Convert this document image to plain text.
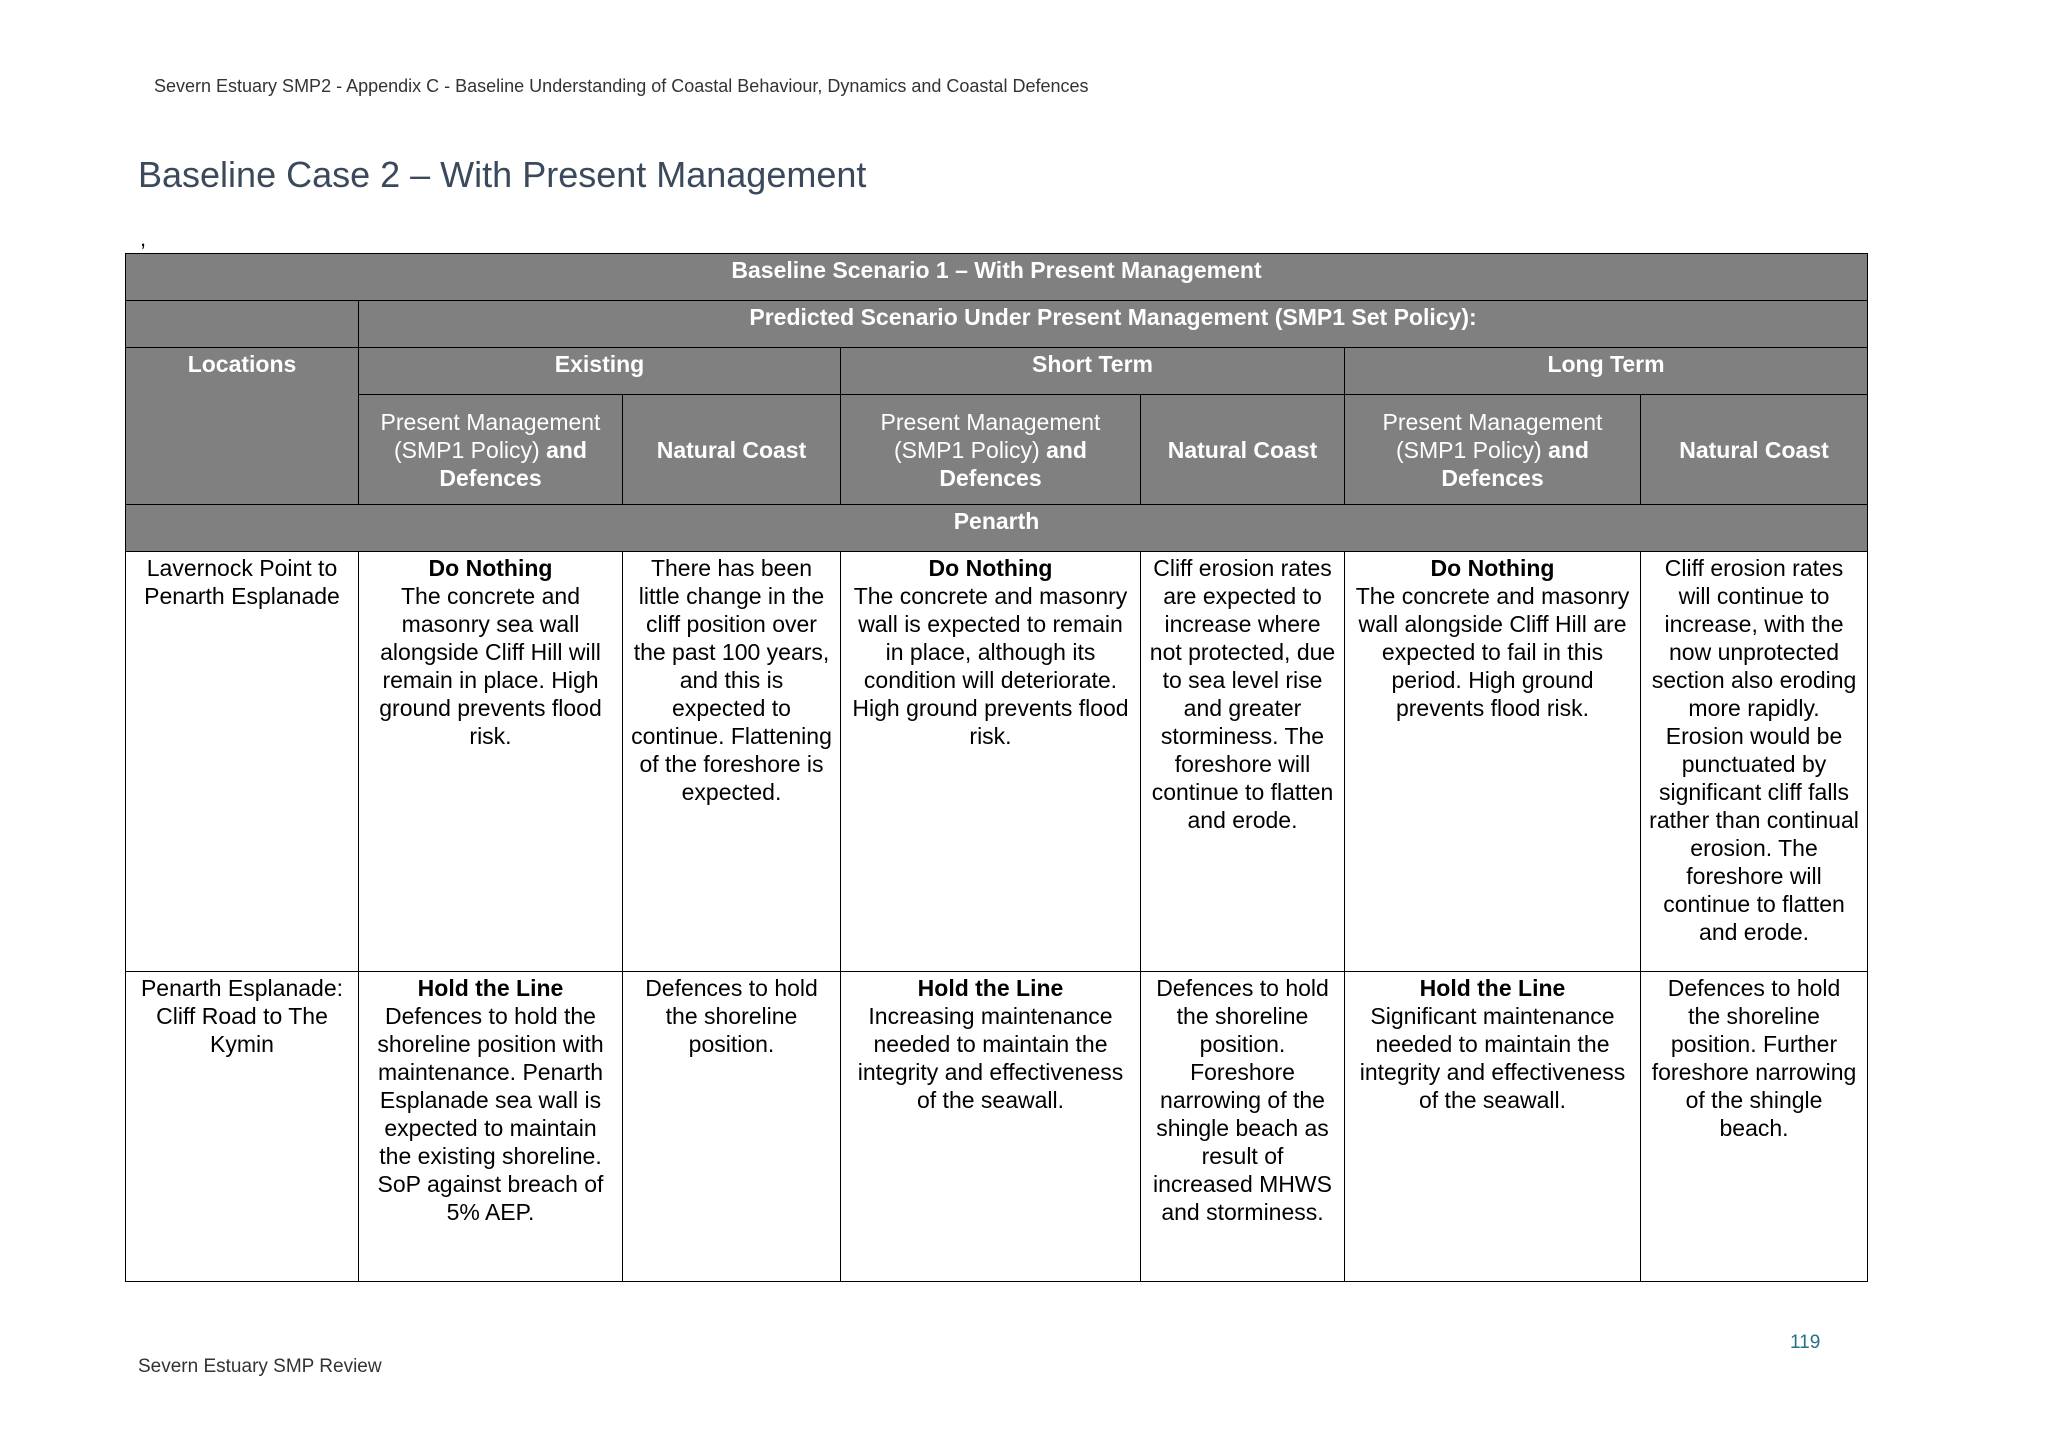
Severn Estuary SMP2 - Appendix C - Baseline Understanding of Coastal Behaviour, Dynamics and Coastal Defences
Baseline Case 2 – With Present Management
,
Baseline Scenario 1 – With Present Management						
	Predicted Scenario Under Present Management (SMP1 Set Policy):					
Locations	Existing		Short Term		Long Term	
	Present Management (SMP1 Policy) and Defences	Natural Coast	Present Management (SMP1 Policy) and Defences	Natural Coast	Present Management (SMP1 Policy) and Defences	Natural Coast
Penarth						
Lavernock Point to Penarth Esplanade	Do Nothing
The concrete and masonry sea wall alongside Cliff Hill will remain in place. High ground prevents flood risk.	There has been little change in the cliff position over the past 100 years, and this is expected to continue. Flattening of the foreshore is expected.	Do Nothing
The concrete and masonry wall is expected to remain in place, although its condition will deteriorate. High ground prevents flood risk.	Cliff erosion rates are expected to increase where not protected, due to sea level rise and greater storminess. The foreshore will continue to flatten and erode.	Do Nothing
The concrete and masonry wall alongside Cliff Hill are expected to fail in this period. High ground prevents flood risk.	Cliff erosion rates will continue to increase, with the now unprotected section also eroding more rapidly. Erosion would be punctuated by significant cliff falls rather than continual erosion. The foreshore will continue to flatten and erode.
Penarth Esplanade: Cliff Road to The Kymin	Hold the Line
Defences to hold the shoreline position with maintenance. Penarth Esplanade sea wall is expected to maintain the existing shoreline. SoP against breach of 5% AEP.	Defences to hold the shoreline position.	Hold the Line
Increasing maintenance needed to maintain the integrity and effectiveness of the seawall.	Defences to hold the shoreline position. Foreshore narrowing of the shingle beach as result of increased MHWS and storminess.	Hold the Line
Significant maintenance needed to maintain the integrity and effectiveness of the seawall.	Defences to hold the shoreline position. Further foreshore narrowing of the shingle beach.
119
Severn Estuary SMP Review
